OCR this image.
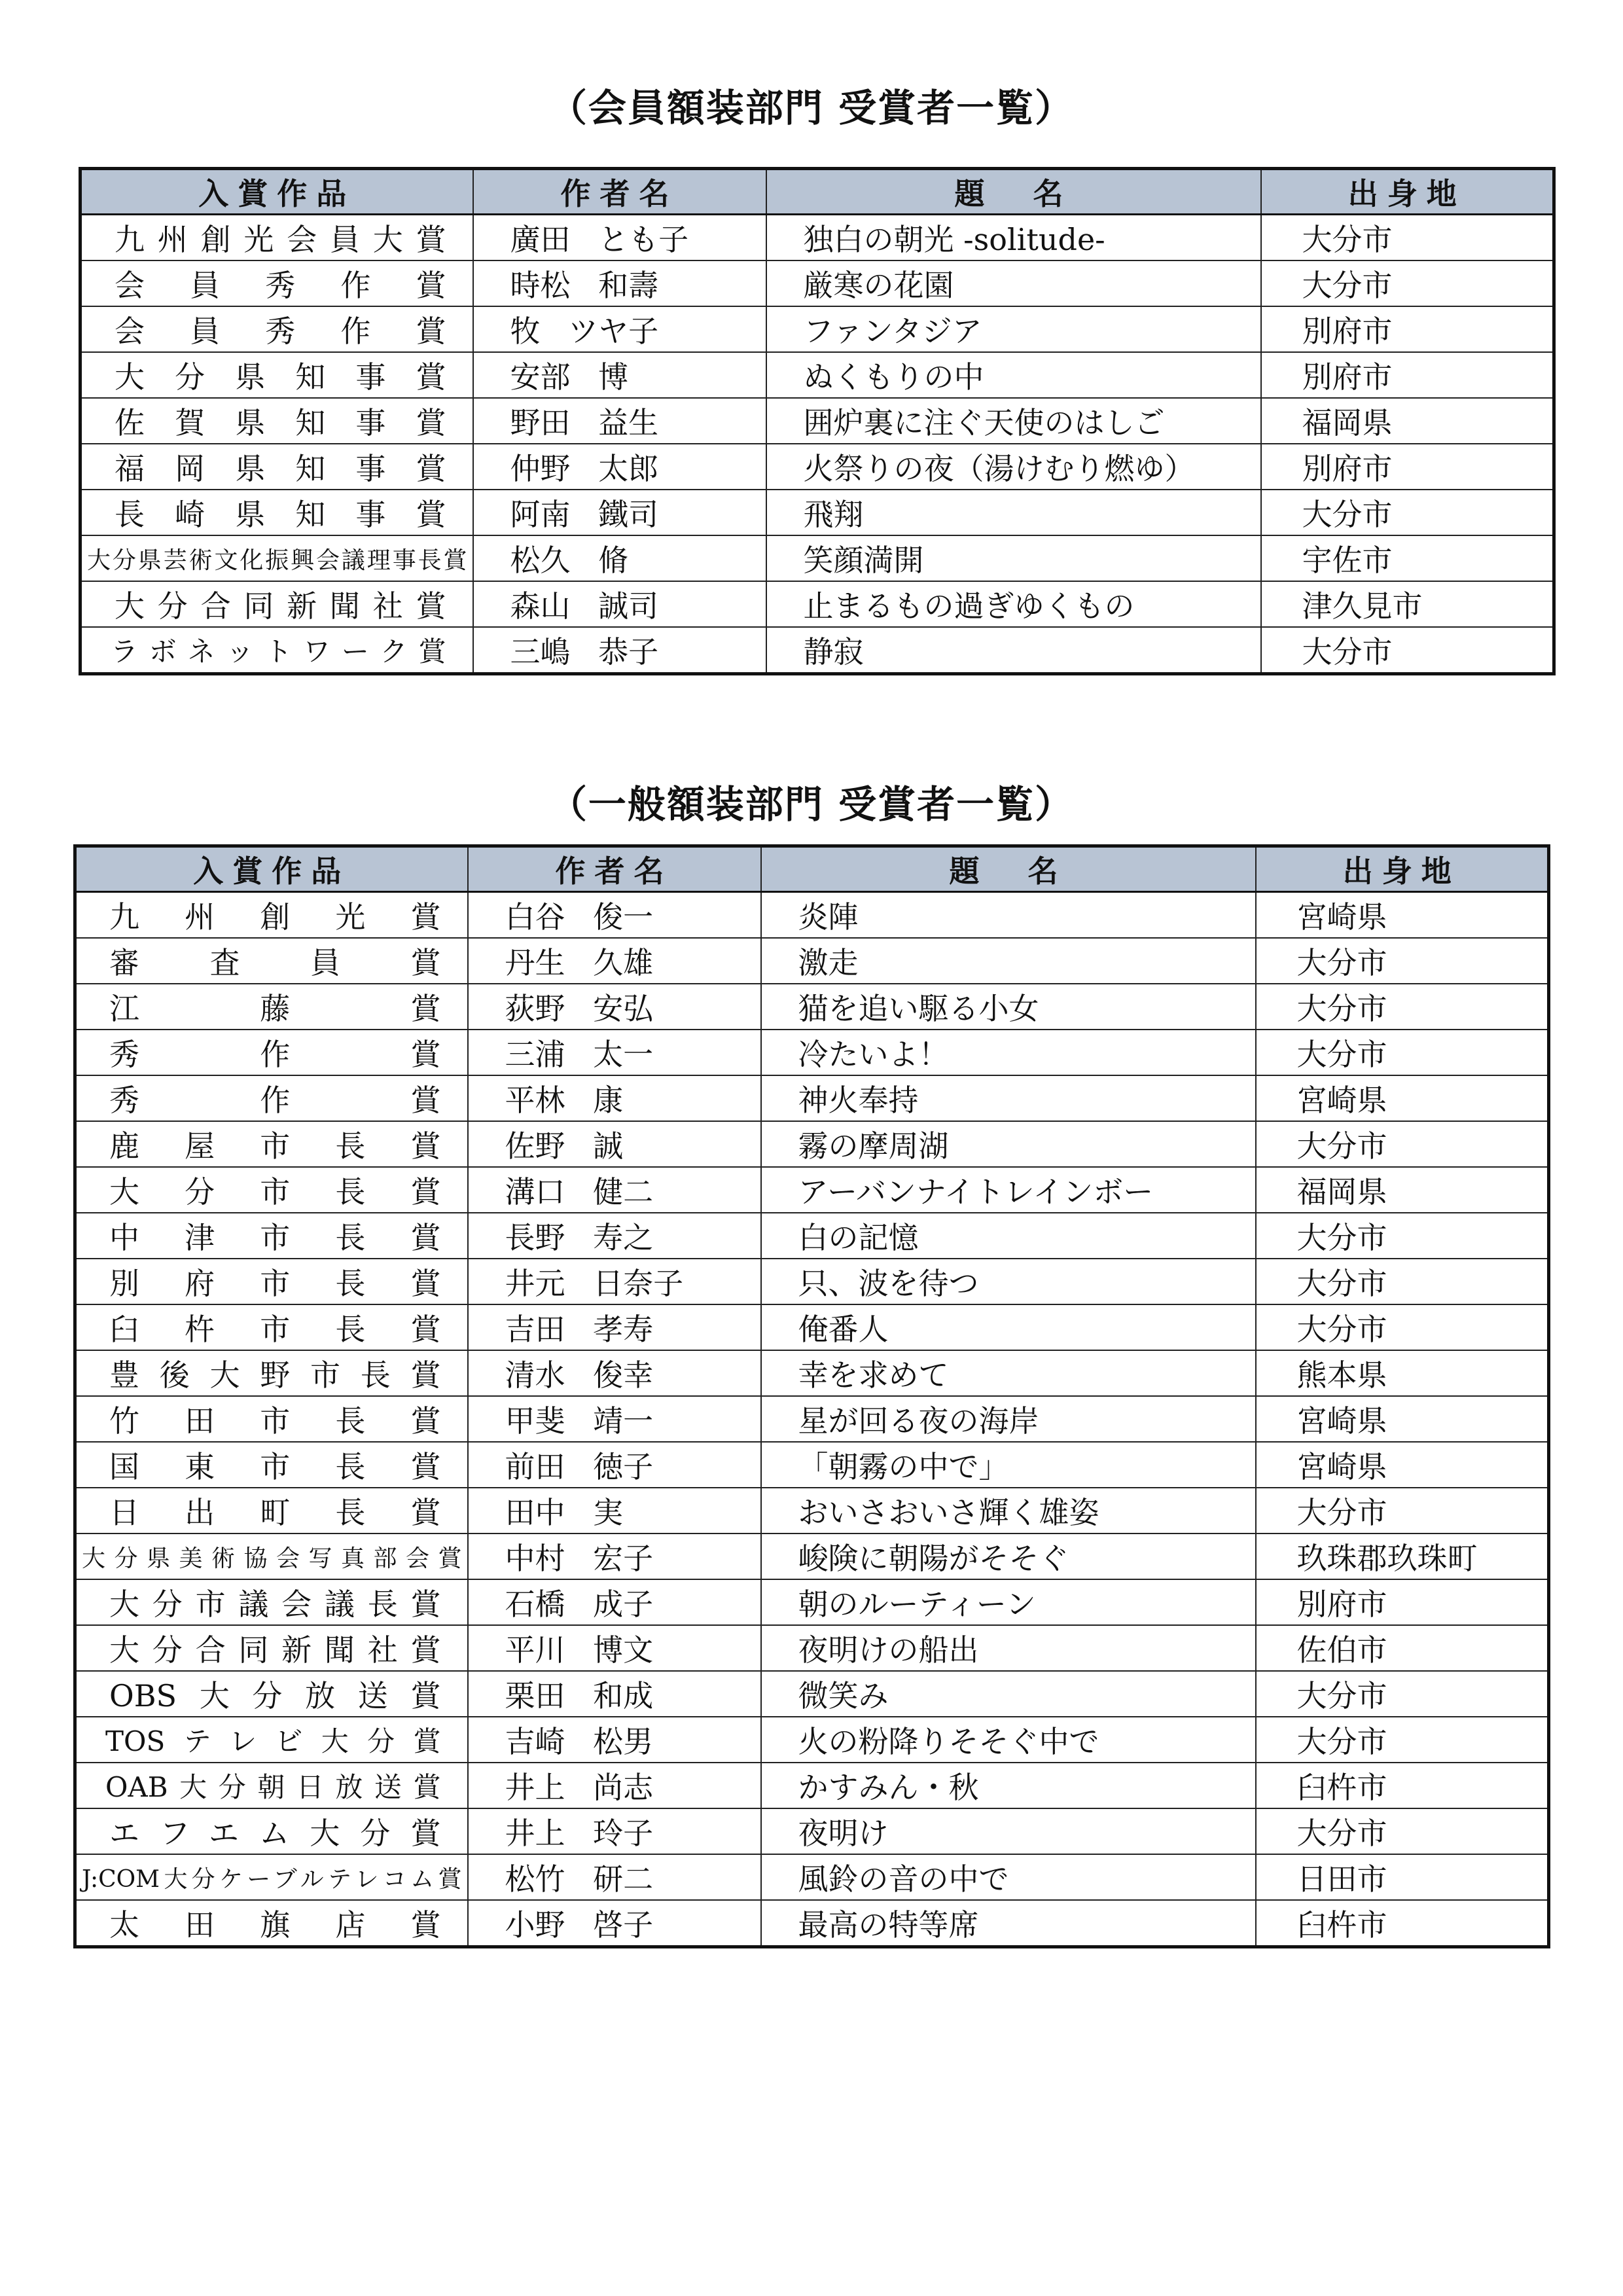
（会員額装部門 受賞者一覧）
入賞作品	作者名	題　名	出身地
九州創光会員大賞	廣田 とも子	独白の朝光 -solitude-	大分市
会員秀作賞	時松 和壽	厳寒の花園	大分市
会員秀作賞	牧 ツヤ子	ファンタジア	別府市
大分県知事賞	安部 博	ぬくもりの中	別府市
佐賀県知事賞	野田 益生	囲炉裏に注ぐ天使のはしご	福岡県
福岡県知事賞	仲野 太郎	火祭りの夜（湯けむり燃ゆ）	別府市
長崎県知事賞	阿南 鐵司	飛翔	大分市
大分県芸術文化振興会議理事長賞	松久 脩	笑顔満開	宇佐市
大分合同新聞社賞	森山 誠司	止まるもの過ぎゆくもの	津久見市
ラボネットワーク賞	三嶋 恭子	静寂	大分市
（一般額装部門 受賞者一覧）
入賞作品	作者名	題　名	出身地
九州創光賞	白谷 俊一	炎陣	宮崎県
審査員賞	丹生 久雄	激走	大分市
江藤賞	荻野 安弘	猫を追い駆る小女	大分市
秀作賞	三浦 太一	冷たいよ！	大分市
秀作賞	平林 康	神火奉持	宮崎県
鹿屋市長賞	佐野 誠	霧の摩周湖	大分市
大分市長賞	溝口 健二	アーバンナイトレインボー	福岡県
中津市長賞	長野 寿之	白の記憶	大分市
別府市長賞	井元 日奈子	只、波を待つ	大分市
臼杵市長賞	吉田 孝寿	俺番人	大分市
豊後大野市長賞	清水 俊幸	幸を求めて	熊本県
竹田市長賞	甲斐 靖一	星が回る夜の海岸	宮崎県
国東市長賞	前田 徳子	「朝霧の中で」	宮崎県
日出町長賞	田中 実	おいさおいさ輝く雄姿	大分市
大分県美術協会写真部会賞	中村 宏子	峻険に朝陽がそそぐ	玖珠郡玖珠町
大分市議会議長賞	石橋 成子	朝のルーティーン	別府市
大分合同新聞社賞	平川 博文	夜明けの船出	佐伯市
OBS大分放送賞	栗田 和成	微笑み	大分市
TOSテレビ大分賞	吉崎 松男	火の粉降りそそぐ中で	大分市
OAB大分朝日放送賞	井上 尚志	かすみん・秋	臼杵市
エフエム大分賞	井上 玲子	夜明け	大分市
J:COM大分ケーブルテレコム賞	松竹 研二	風鈴の音の中で	日田市
太田旗店賞	小野 啓子	最高の特等席	臼杵市
